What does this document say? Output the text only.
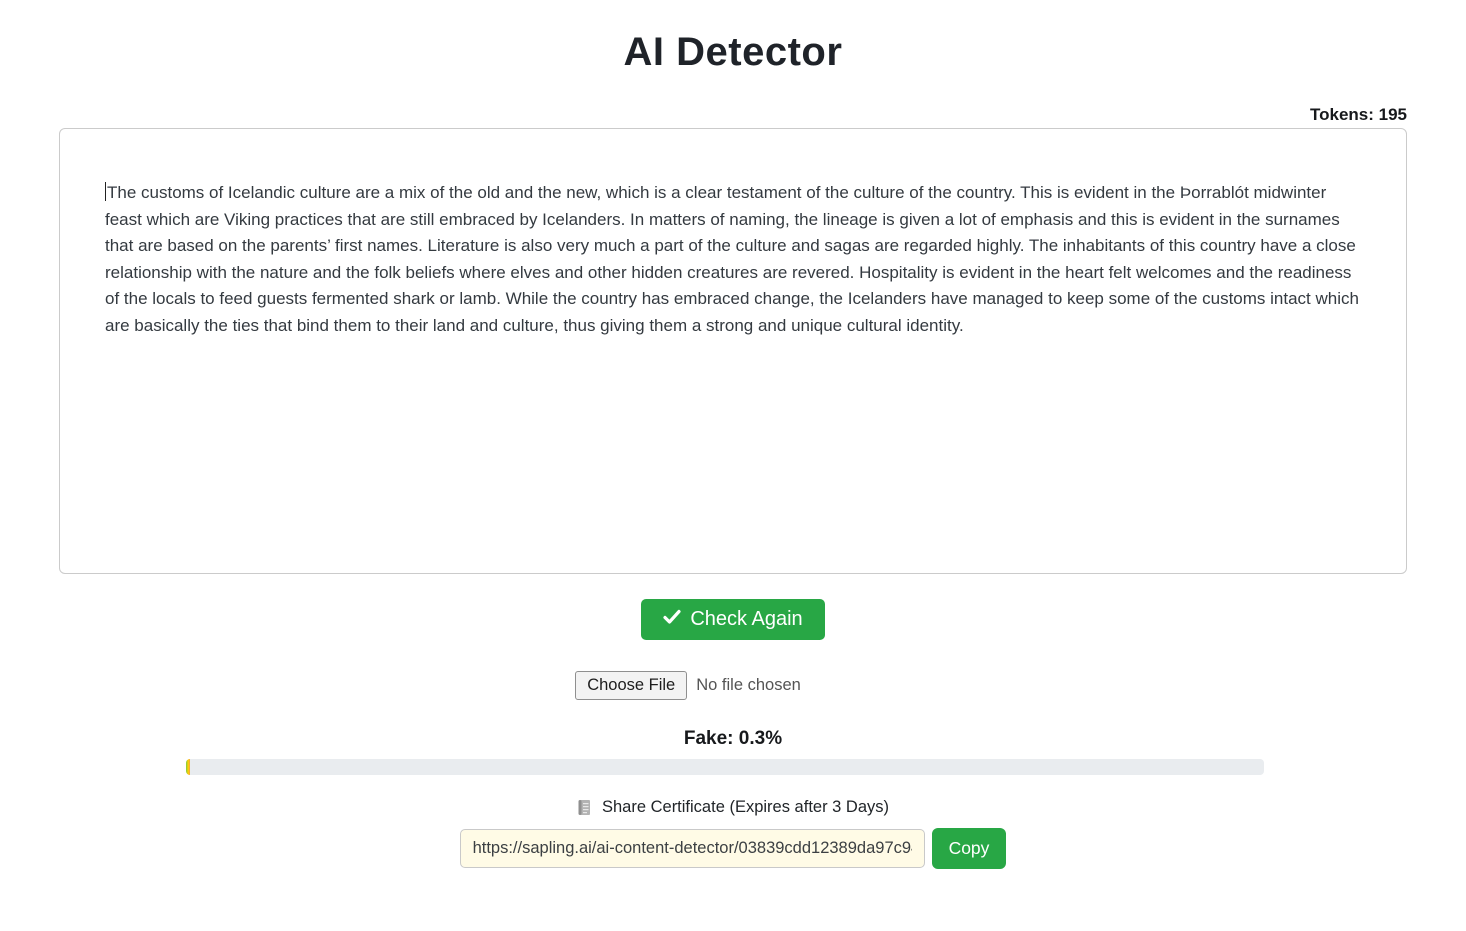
AI Detector
Tokens: 195
The customs of Icelandic culture are a mix of the old and the new, which is a clear testament of the culture of the country. This is evident in the Þorrablót midwinter feast which are Viking practices that are still embraced by Icelanders. In matters of naming, the lineage is given a lot of emphasis and this is evident in the surnames that are based on the parents’ first names. Literature is also very much a part of the culture and sagas are regarded highly. The inhabitants of this country have a close relationship with the nature and the folk beliefs where elves and other hidden creatures are revered. Hospitality is evident in the heart felt welcomes and the readiness of the locals to feed guests fermented shark or lamb. While the country has embraced change, the Icelanders have managed to keep some of the customs intact which are basically the ties that bind them to their land and culture, thus giving them a strong and unique cultural identity.
Check Again
Choose File	No file chosen
Fake: 0.3%
Share Certificate (Expires after 3 Days)
https://sapling.ai/ai-content-detector/03839cdd12389da97c94
Copy
